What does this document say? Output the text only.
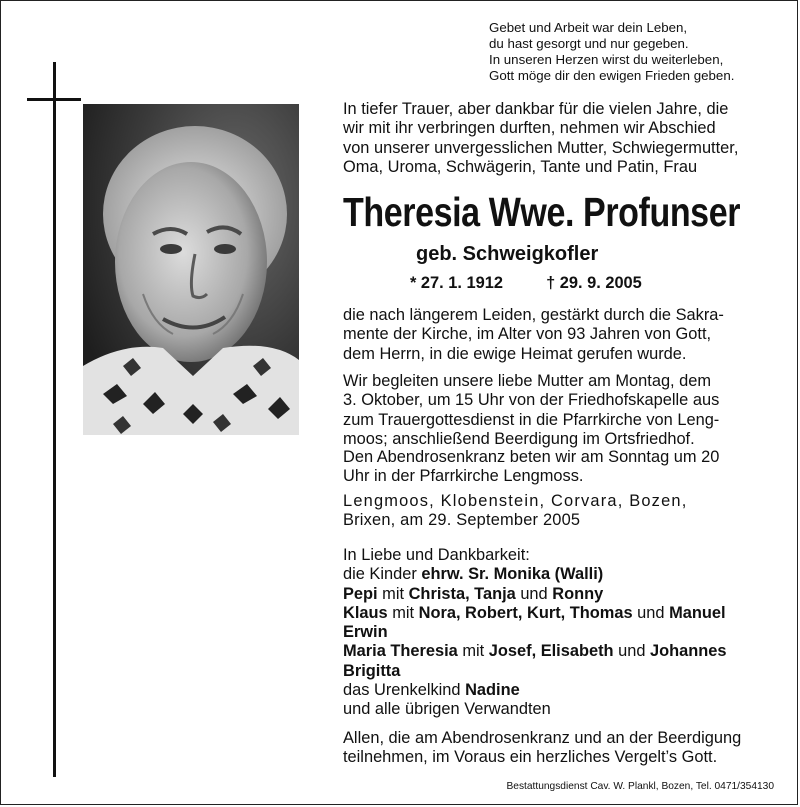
Gebet und Arbeit war dein Leben,
du hast gesorgt und nur gegeben.
In unseren Herzen wirst du weiterleben,
Gott möge dir den ewigen Frieden geben.
In tiefer Trauer, aber dankbar für die vielen Jahre, die
wir mit ihr verbringen durften, nehmen wir Abschied
von unserer unvergesslichen Mutter, Schwiegermutter,
Oma, Uroma, Schwägerin, Tante und Patin, Frau
Theresia Wwe. Profunser
geb. Schweigkofler
* 27. 1. 1912	† 29. 9. 2005
die nach längerem Leiden, gestärkt durch die Sakra-
mente der Kirche, im Alter von 93 Jahren von Gott,
dem Herrn, in die ewige Heimat gerufen wurde.
Wir begleiten unsere liebe Mutter am Montag, dem
3. Oktober, um 15 Uhr von der Friedhofskapelle aus
zum Trauergottesdienst in die Pfarrkirche von Leng-
moos; anschließend Beerdigung im Ortsfriedhof.
Den Abendrosenkranz beten wir am Sonntag um 20
Uhr in der Pfarrkirche Lengmoss.
Lengmoos, Klobenstein, Corvara, Bozen,
Brixen, am 29. September 2005
In Liebe und Dankbarkeit:
die Kinder ehrw. Sr. Monika (Walli)
Pepi mit Christa, Tanja und Ronny
Klaus mit Nora, Robert, Kurt, Thomas und Manuel
Erwin
Maria Theresia mit Josef, Elisabeth und Johannes
Brigitta
das Urenkelkind Nadine
und alle übrigen Verwandten
Allen, die am Abendrosenkranz und an der Beerdigung
teilnehmen, im Voraus ein herzliches Vergelt’s Gott.
Bestattungsdienst Cav. W. Plankl, Bozen, Tel. 0471/354130
